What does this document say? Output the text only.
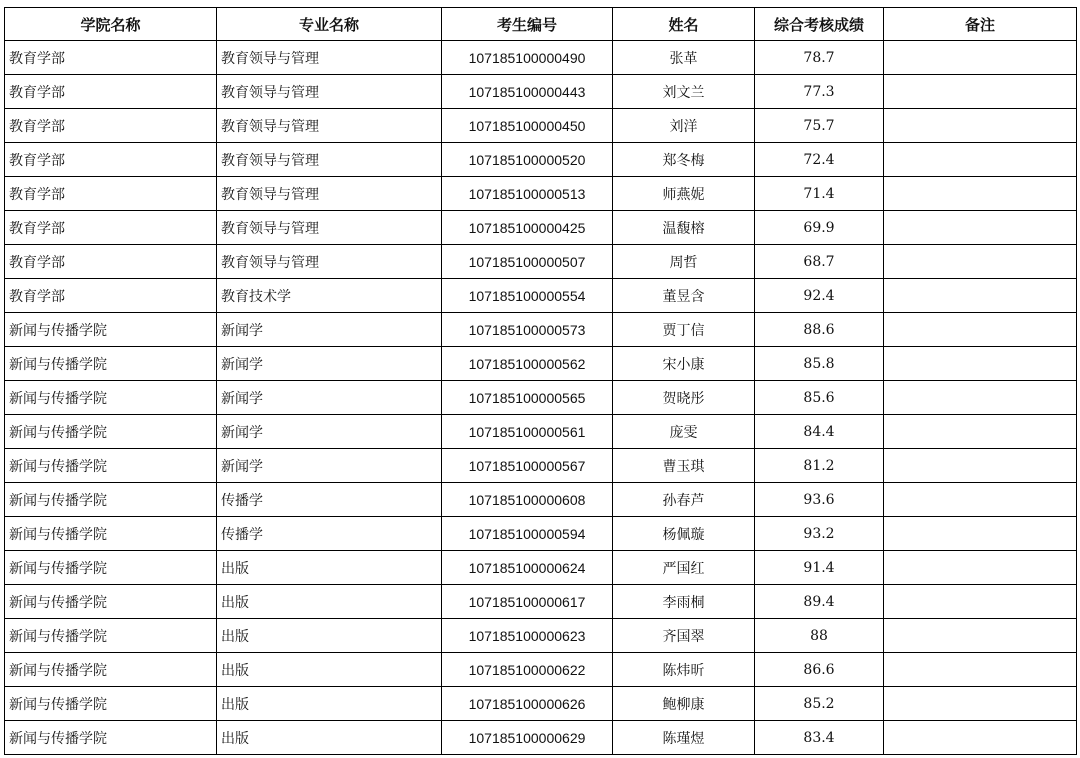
学院名称	专业名称	考生编号	姓名	综合考核成绩	备注
教育学部	教育领导与管理	107185100000490	张革	78.7	
教育学部	教育领导与管理	107185100000443	刘文兰	77.3	
教育学部	教育领导与管理	107185100000450	刘洋	75.7	
教育学部	教育领导与管理	107185100000520	郑冬梅	72.4	
教育学部	教育领导与管理	107185100000513	师燕妮	71.4	
教育学部	教育领导与管理	107185100000425	温馥榕	69.9	
教育学部	教育领导与管理	107185100000507	周哲	68.7	
教育学部	教育技术学	107185100000554	董昱含	92.4	
新闻与传播学院	新闻学	107185100000573	贾丁信	88.6	
新闻与传播学院	新闻学	107185100000562	宋小康	85.8	
新闻与传播学院	新闻学	107185100000565	贺晓彤	85.6	
新闻与传播学院	新闻学	107185100000561	庞雯	84.4	
新闻与传播学院	新闻学	107185100000567	曹玉琪	81.2	
新闻与传播学院	传播学	107185100000608	孙春芦	93.6	
新闻与传播学院	传播学	107185100000594	杨佩璇	93.2	
新闻与传播学院	出版	107185100000624	严国红	91.4	
新闻与传播学院	出版	107185100000617	李雨桐	89.4	
新闻与传播学院	出版	107185100000623	齐国翠	88	
新闻与传播学院	出版	107185100000622	陈炜昕	86.6	
新闻与传播学院	出版	107185100000626	鲍柳康	85.2	
新闻与传播学院	出版	107185100000629	陈瑾煜	83.4	
